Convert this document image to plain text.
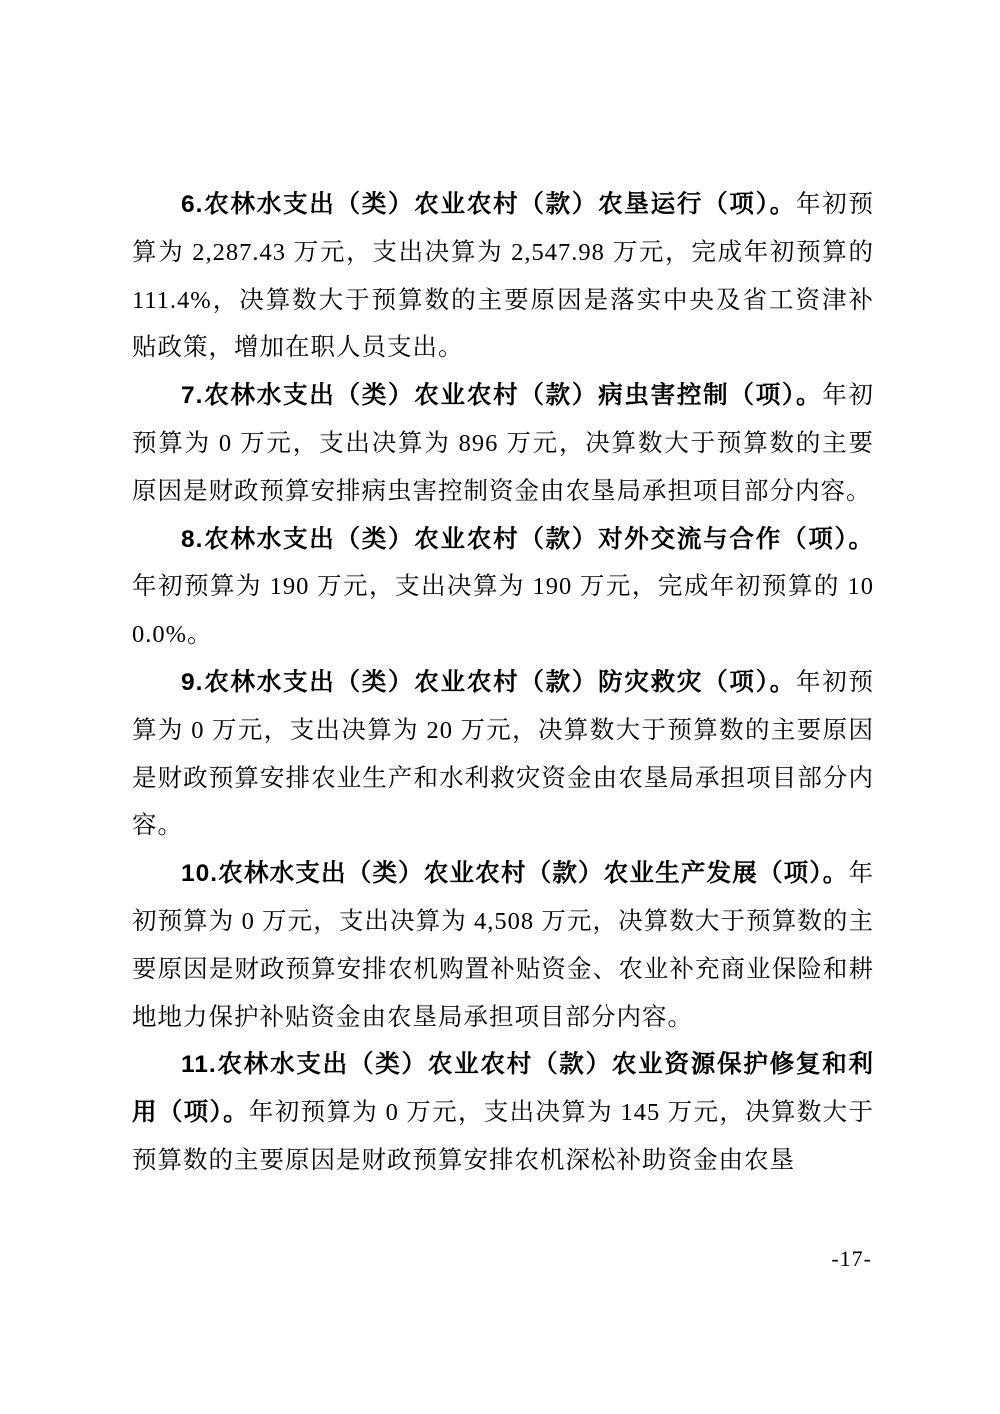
6.农林水支出（类）农业农村（款）农垦运行（项）。年初预算为 2,287.43 万元，支出决算为 2,547.98 万元，完成年初预算的 111.4%，决算数大于预算数的主要原因是落实中央及省工资津补贴政策，增加在职人员支出。

7.农林水支出（类）农业农村（款）病虫害控制（项）。年初预算为 0 万元，支出决算为 896 万元，决算数大于预算数的主要原因是财政预算安排病虫害控制资金由农垦局承担项目部分内容。

8.农林水支出（类）农业农村（款）对外交流与合作（项）。年初预算为 190 万元，支出决算为 190 万元，完成年初预算的 100.0%。

9.农林水支出（类）农业农村（款）防灾救灾（项）。年初预算为 0 万元，支出决算为 20 万元，决算数大于预算数的主要原因是财政预算安排农业生产和水利救灾资金由农垦局承担项目部分内容。

10.农林水支出（类）农业农村（款）农业生产发展（项）。年初预算为 0 万元，支出决算为 4,508 万元，决算数大于预算数的主要原因是财政预算安排农机购置补贴资金、农业补充商业保险和耕地地力保护补贴资金由农垦局承担项目部分内容。

11.农林水支出（类）农业农村（款）农业资源保护修复和利用（项）。年初预算为 0 万元，支出决算为 145 万元，决算数大于预算数的主要原因是财政预算安排农机深松补助资金由农垦

-17-
